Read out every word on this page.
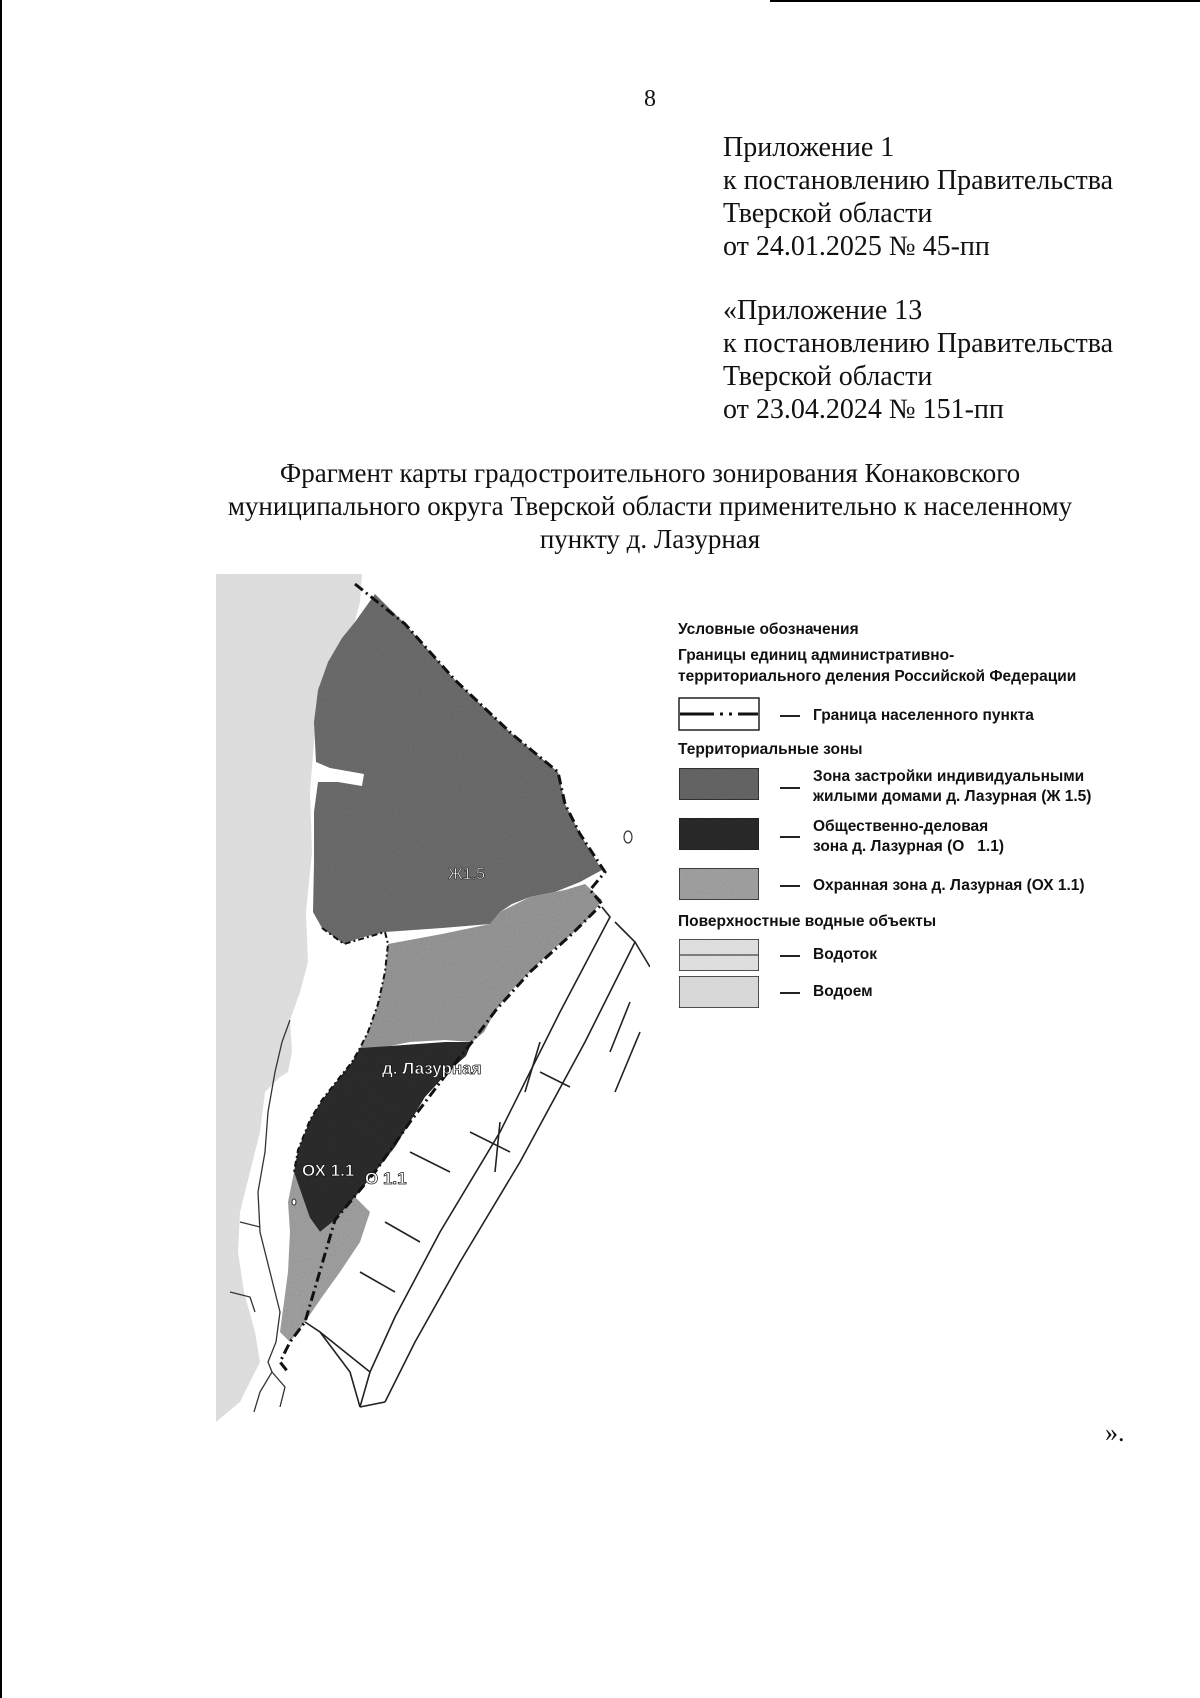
8
Приложение 1
к постановлению Правительства
Тверской области
от 24.01.2025 № 45-пп
«Приложение 13
к постановлению Правительства
Тверской области
от 23.04.2024 № 151-пп
Фрагмент карты градостроительного зонирования Конаковского
муниципального округа Тверской области применительно к населенному
пункту д. Лазурная
Ж1.5
д. Лазурная
ОХ 1.1 О 1.1
Условные обозначения
Границы единиц административно-
территориального деления Российской Федерации
Граница населенного пункта
Территориальные зоны
Зона застройки индивидуальными
жилыми домами д. Лазурная (Ж 1.5)
Общественно-деловая
зона д. Лазурная (О   1.1)
Охранная зона д. Лазурная (ОХ 1.1)
Поверхностные водные объекты
Водоток
Водоем
».
